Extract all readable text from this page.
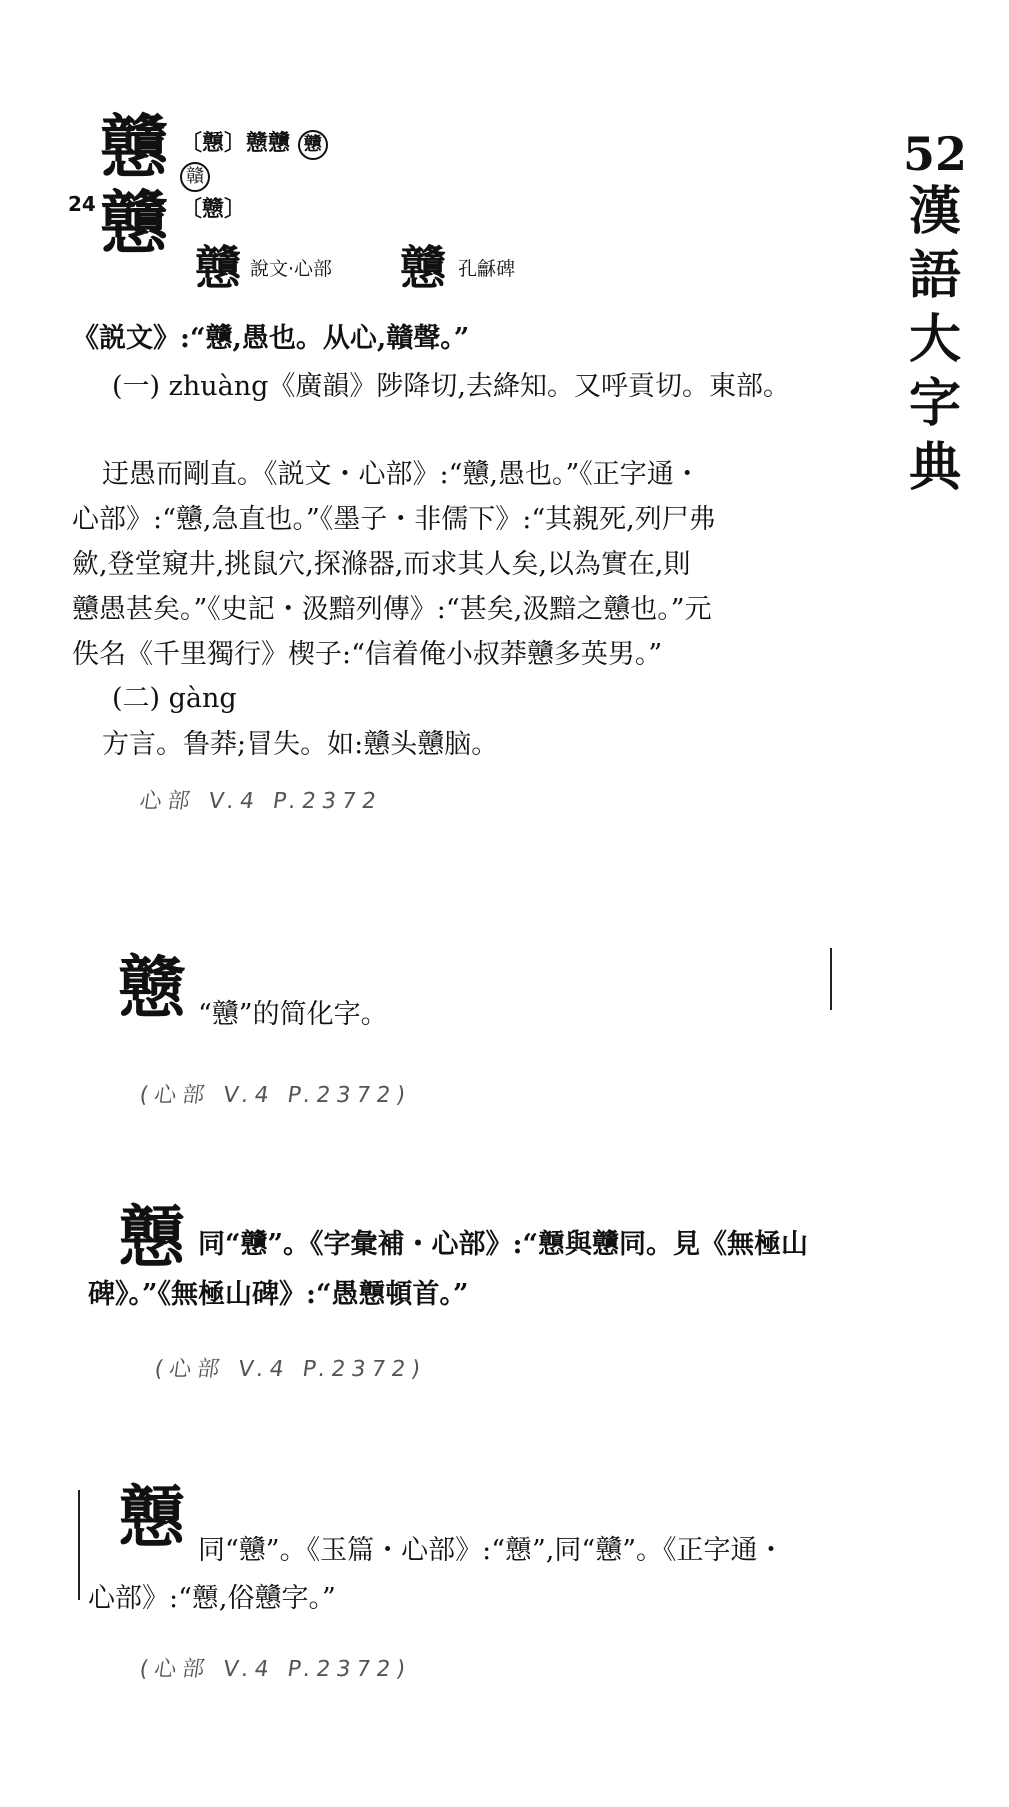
52
漢
語
大
字
典
戇 〔戅〕戆戇 戇
贛
24 戇 〔戆〕
戇 說文·心部 戇 孔龢碑
《説文》:“戇,愚也。从心,贛聲。”
(一) zhuàng《廣韻》陟降切,去絳知。又呼貢切。東部。
迂愚而剛直。《説文・心部》:“戇,愚也。”《正字通・
心部》:“戇,急直也。”《墨子・非儒下》:“其親死,列尸弗
歛,登堂窺井,挑鼠穴,探滌器,而求其人矣,以為實在,則
戇愚甚矣。”《史記・汲黯列傳》:“甚矣,汲黯之戇也。”元
佚名《千里獨行》楔子:“信着俺小叔莽戇多英男。”
(二) gàng
方言。鲁莽;冒失。如:戇头戇脑。
心部 V.4 P.2372
戆 “戇”的简化字。
(心部 V.4 P.2372)
戅 同“戇”。《字彙補・心部》:“戅與戇同。見《無極山
碑》。”《無極山碑》:“愚戅頓首。”
(心部 V.4 P.2372)
戅 同“戇”。《玉篇・心部》:“戅”,同“戇”。《正字通・
心部》:“戅,俗戇字。”
(心部 V.4 P.2372)
